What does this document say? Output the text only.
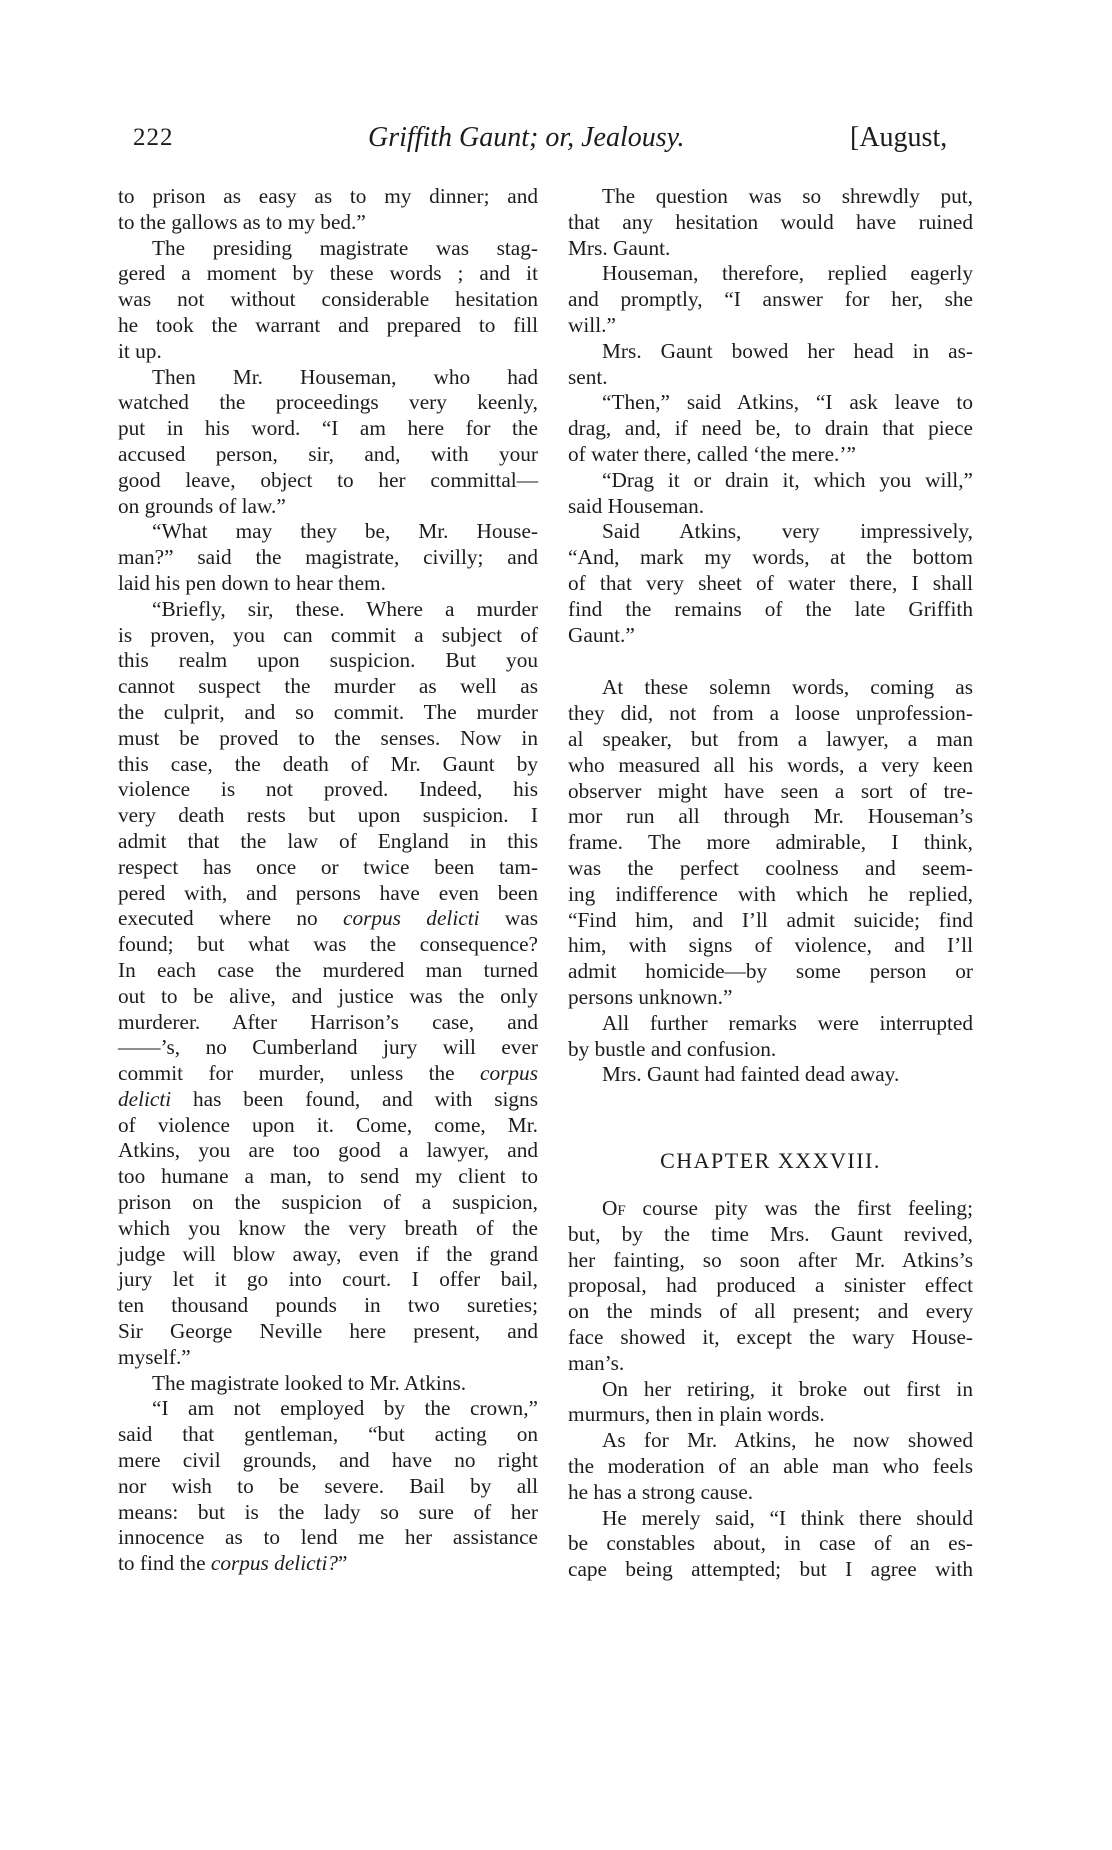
222	Griffith Gaunt; or, Jealousy.	[August,
to prison as easy as to my dinner; and
to the gallows as to my bed.”
The presiding magistrate was stag-
gered a moment by these words ; and it
was not without considerable hesitation
he took the warrant and prepared to fill
it up.
Then Mr. Houseman, who had
watched the proceedings very keenly,
put in his word. “I am here for the
accused person, sir, and, with your
good leave, object to her committal—
on grounds of law.”
“What may they be, Mr. House-
man?” said the magistrate, civilly; and
laid his pen down to hear them.
“Briefly, sir, these. Where a murder
is proven, you can commit a subject of
this realm upon suspicion. But you
cannot suspect the murder as well as
the culprit, and so commit. The murder
must be proved to the senses. Now in
this case, the death of Mr. Gaunt by
violence is not proved. Indeed, his
very death rests but upon suspicion. I
admit that the law of England in this
respect has once or twice been tam-
pered with, and persons have even been
executed where no corpus delicti was
found; but what was the consequence?
In each case the murdered man turned
out to be alive, and justice was the only
murderer. After Harrison’s case, and
——’s, no Cumberland jury will ever
commit for murder, unless the corpus
delicti has been found, and with signs
of violence upon it. Come, come, Mr.
Atkins, you are too good a lawyer, and
too humane a man, to send my client to
prison on the suspicion of a suspicion,
which you know the very breath of the
judge will blow away, even if the grand
jury let it go into court. I offer bail,
ten thousand pounds in two sureties;
Sir George Neville here present, and
myself.”
The magistrate looked to Mr. Atkins.
“I am not employed by the crown,”
said that gentleman, “but acting on
mere civil grounds, and have no right
nor wish to be severe. Bail by all
means: but is the lady so sure of her
innocence as to lend me her assistance
to find the corpus delicti?”
The question was so shrewdly put,
that any hesitation would have ruined
Mrs. Gaunt.
Houseman, therefore, replied eagerly
and promptly, “I answer for her, she
will.”
Mrs. Gaunt bowed her head in as-
sent.
“Then,” said Atkins, “I ask leave to
drag, and, if need be, to drain that piece
of water there, called ‘the mere.’”
“Drag it or drain it, which you will,”
said Houseman.
Said Atkins, very impressively,
“And, mark my words, at the bottom
of that very sheet of water there, I shall
find the remains of the late Griffith
Gaunt.”
At these solemn words, coming as
they did, not from a loose unprofession-
al speaker, but from a lawyer, a man
who measured all his words, a very keen
observer might have seen a sort of tre-
mor run all through Mr. Houseman’s
frame. The more admirable, I think,
was the perfect coolness and seem-
ing indifference with which he replied,
“Find him, and I’ll admit suicide; find
him, with signs of violence, and I’ll
admit homicide—by some person or
persons unknown.”
All further remarks were interrupted
by bustle and confusion.
Mrs. Gaunt had fainted dead away.
CHAPTER XXXVIII.
Of course pity was the first feeling;
but, by the time Mrs. Gaunt revived,
her fainting, so soon after Mr. Atkins’s
proposal, had produced a sinister effect
on the minds of all present; and every
face showed it, except the wary House-
man’s.
On her retiring, it broke out first in
murmurs, then in plain words.
As for Mr. Atkins, he now showed
the moderation of an able man who feels
he has a strong cause.
He merely said, “I think there should
be constables about, in case of an es-
cape being attempted; but I agree with
